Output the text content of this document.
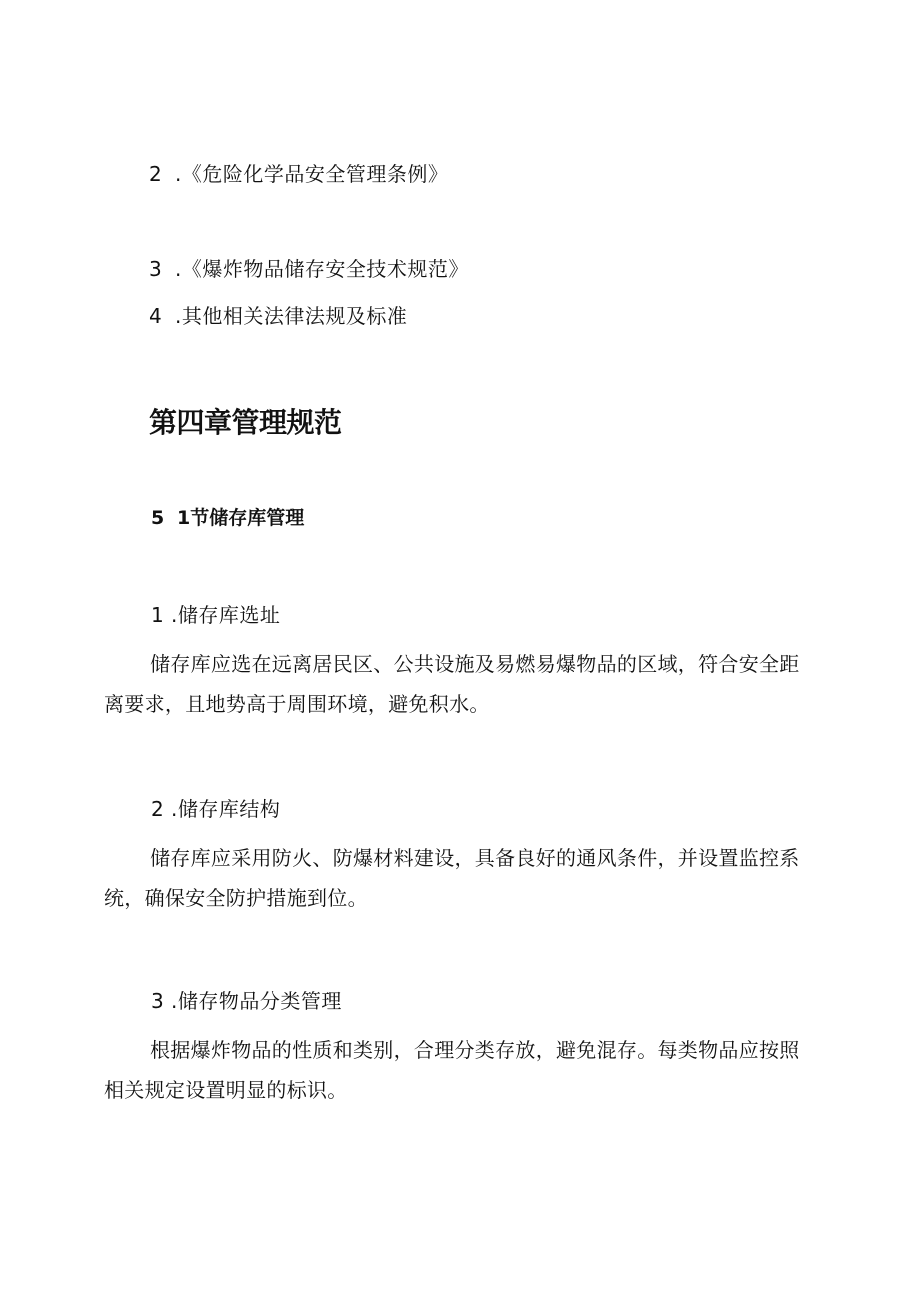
2 .《危险化学品安全管理条例》
3 .《爆炸物品储存安全技术规范》
4 .其他相关法律法规及标准
第四章管理规范
5 1节储存库管理
1 .储存库选址
储存库应选在远离居民区、公共设施及易燃易爆物品的区域，符合安全距离要求，且地势高于周围环境，避免积水。
2 .储存库结构
储存库应采用防火、防爆材料建设，具备良好的通风条件，并设置监控系统，确保安全防护措施到位。
3 .储存物品分类管理
根据爆炸物品的性质和类别，合理分类存放，避免混存。每类物品应按照相关规定设置明显的标识。
